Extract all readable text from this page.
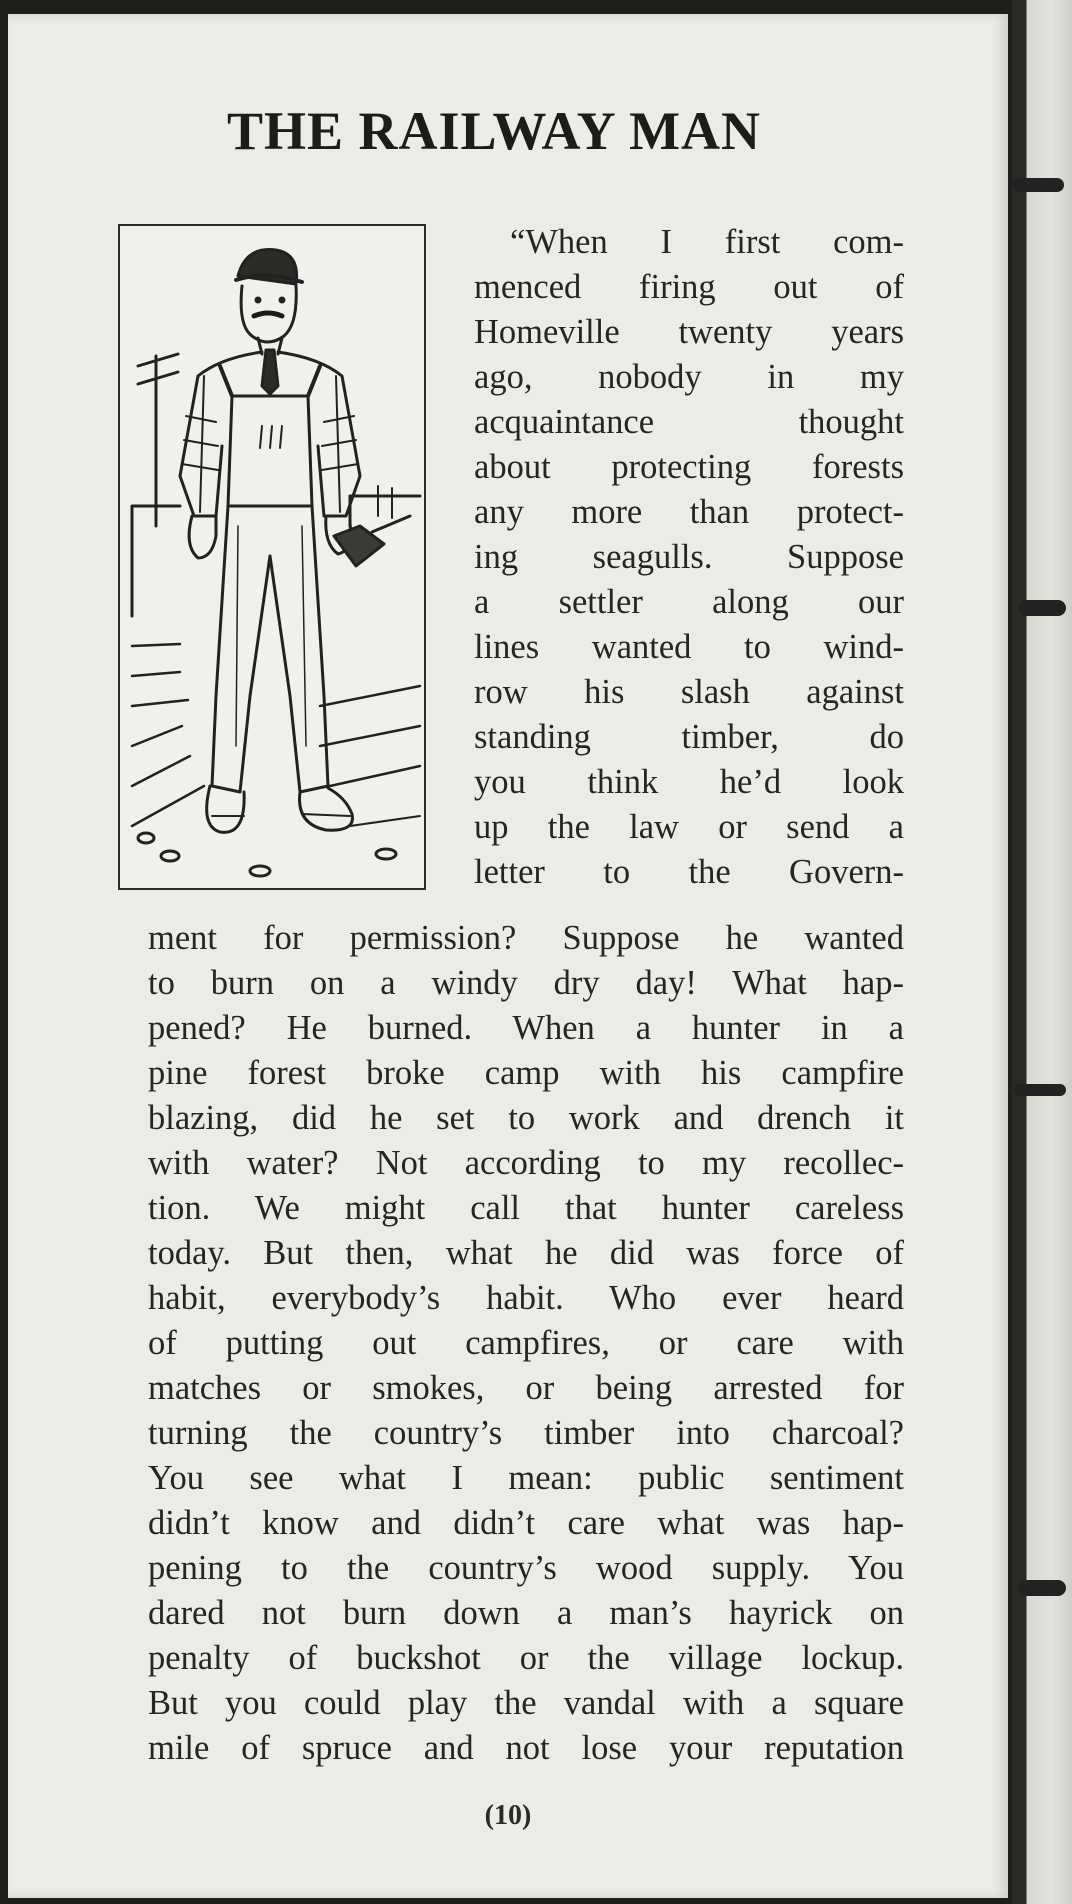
THE RAILWAY MAN
“When I first com-
menced firing out of
Homeville twenty years
ago, nobody in my
acquaintance thought
about protecting forests
any more than protect-
ing seagulls. Suppose
a settler along our
lines wanted to wind-
row his slash against
standing timber, do
you think he’d look
up the law or send a
letter to the Govern-
ment for permission? Suppose he wanted
to burn on a windy dry day! What hap-
pened? He burned. When a hunter in a
pine forest broke camp with his campfire
blazing, did he set to work and drench it
with water? Not according to my recollec-
tion. We might call that hunter careless
today. But then, what he did was force of
habit, everybody’s habit. Who ever heard
of putting out campfires, or care with
matches or smokes, or being arrested for
turning the country’s timber into charcoal?
You see what I mean: public sentiment
didn’t know and didn’t care what was hap-
pening to the country’s wood supply. You
dared not burn down a man’s hayrick on
penalty of buckshot or the village lockup.
But you could play the vandal with a square
mile of spruce and not lose your reputation
(10)
